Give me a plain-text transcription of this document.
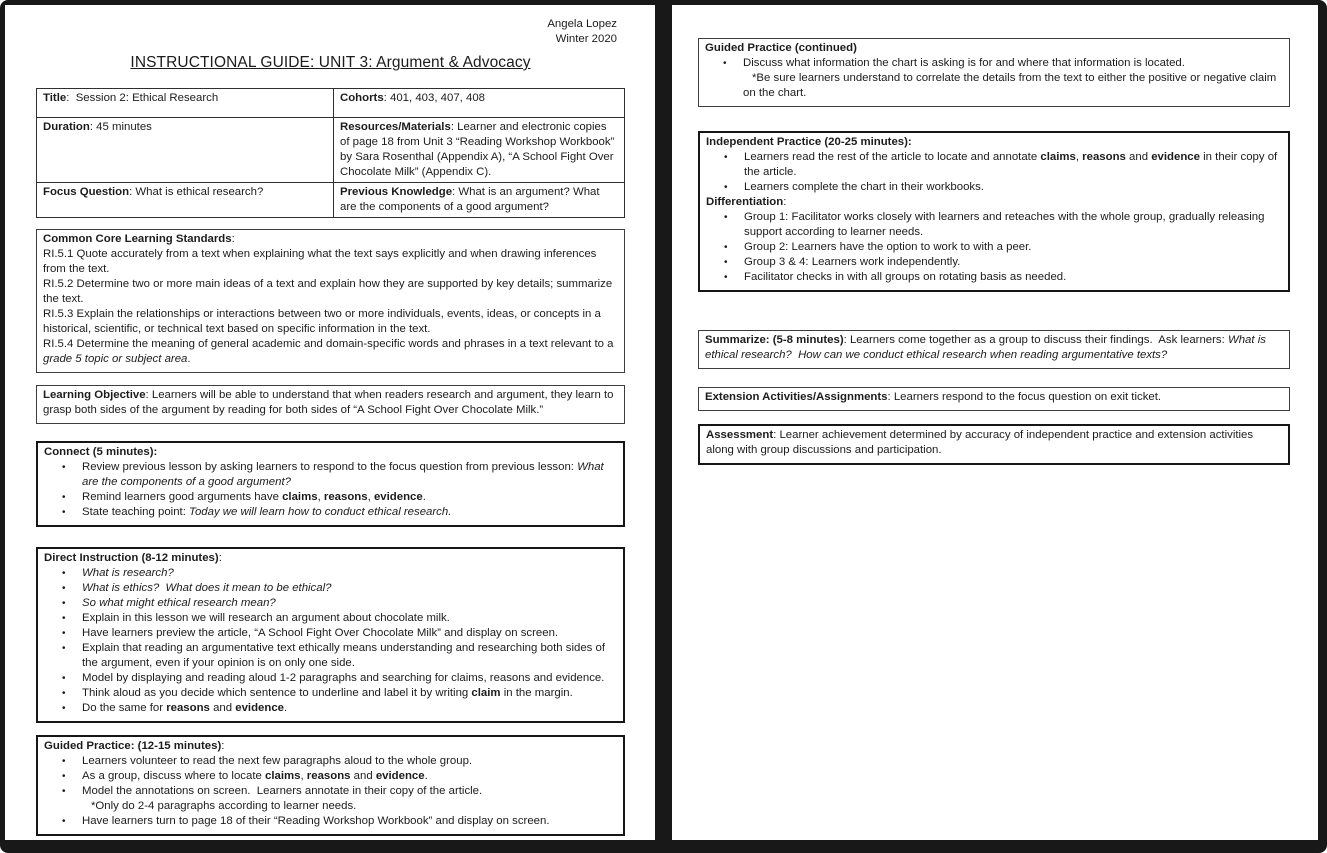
Angela Lopez
Winter 2020
INSTRUCTIONAL GUIDE: UNIT 3: Argument & Advocacy
Title:  Session 2: Ethical Research	Cohorts: 401, 403, 407, 408
Duration: 45 minutes	Resources/Materials: Learner and electronic copies of page 18 from Unit 3 “Reading Workshop Workbook” by Sara Rosenthal (Appendix A), “A School Fight Over Chocolate Milk” (Appendix C).
Focus Question: What is ethical research?	Previous Knowledge: What is an argument? What are the components of a good argument?
Common Core Learning Standards:
RI.5.1 Quote accurately from a text when explaining what the text says explicitly and when drawing inferences from the text.
RI.5.2 Determine two or more main ideas of a text and explain how they are supported by key details; summarize the text.
RI.5.3 Explain the relationships or interactions between two or more individuals, events, ideas, or concepts in a historical, scientific, or technical text based on specific information in the text.
RI.5.4 Determine the meaning of general academic and domain-specific words and phrases in a text relevant to a grade 5 topic or subject area.
Learning Objective: Learners will be able to understand that when readers research and argument, they learn to grasp both sides of the argument by reading for both sides of “A School Fight Over Chocolate Milk.”
Connect (5 minutes):
• Review previous lesson by asking learners to respond to the focus question from previous lesson: What are the components of a good argument?
• Remind learners good arguments have claims, reasons, evidence.
• State teaching point: Today we will learn how to conduct ethical research.
Direct Instruction (8-12 minutes):
• What is research?
• What is ethics?  What does it mean to be ethical?
• So what might ethical research mean?
• Explain in this lesson we will research an argument about chocolate milk.
• Have learners preview the article, “A School Fight Over Chocolate Milk” and display on screen.
• Explain that reading an argumentative text ethically means understanding and researching both sides of the argument, even if your opinion is on only one side.
• Model by displaying and reading aloud 1-2 paragraphs and searching for claims, reasons and evidence.
• Think aloud as you decide which sentence to underline and label it by writing claim in the margin.
• Do the same for reasons and evidence.
Guided Practice: (12-15 minutes):
• Learners volunteer to read the next few paragraphs aloud to the whole group.
• As a group, discuss where to locate claims, reasons and evidence.
• Model the annotations on screen.  Learners annotate in their copy of the article.
*Only do 2-4 paragraphs according to learner needs.
• Have learners turn to page 18 of their “Reading Workshop Workbook” and display on screen.
Guided Practice (continued)
• Discuss what information the chart is asking is for and where that information is located.
*Be sure learners understand to correlate the details from the text to either the positive or negative claim on the chart.
Independent Practice (20-25 minutes):
• Learners read the rest of the article to locate and annotate claims, reasons and evidence in their copy of the article.
• Learners complete the chart in their workbooks.
Differentiation:
• Group 1: Facilitator works closely with learners and reteaches with the whole group, gradually releasing support according to learner needs.
• Group 2: Learners have the option to work to with a peer.
• Group 3 & 4: Learners work independently.
• Facilitator checks in with all groups on rotating basis as needed.
Summarize: (5-8 minutes): Learners come together as a group to discuss their findings.  Ask learners: What is ethical research?  How can we conduct ethical research when reading argumentative texts?
Extension Activities/Assignments: Learners respond to the focus question on exit ticket.
Assessment: Learner achievement determined by accuracy of independent practice and extension activities along with group discussions and participation.
